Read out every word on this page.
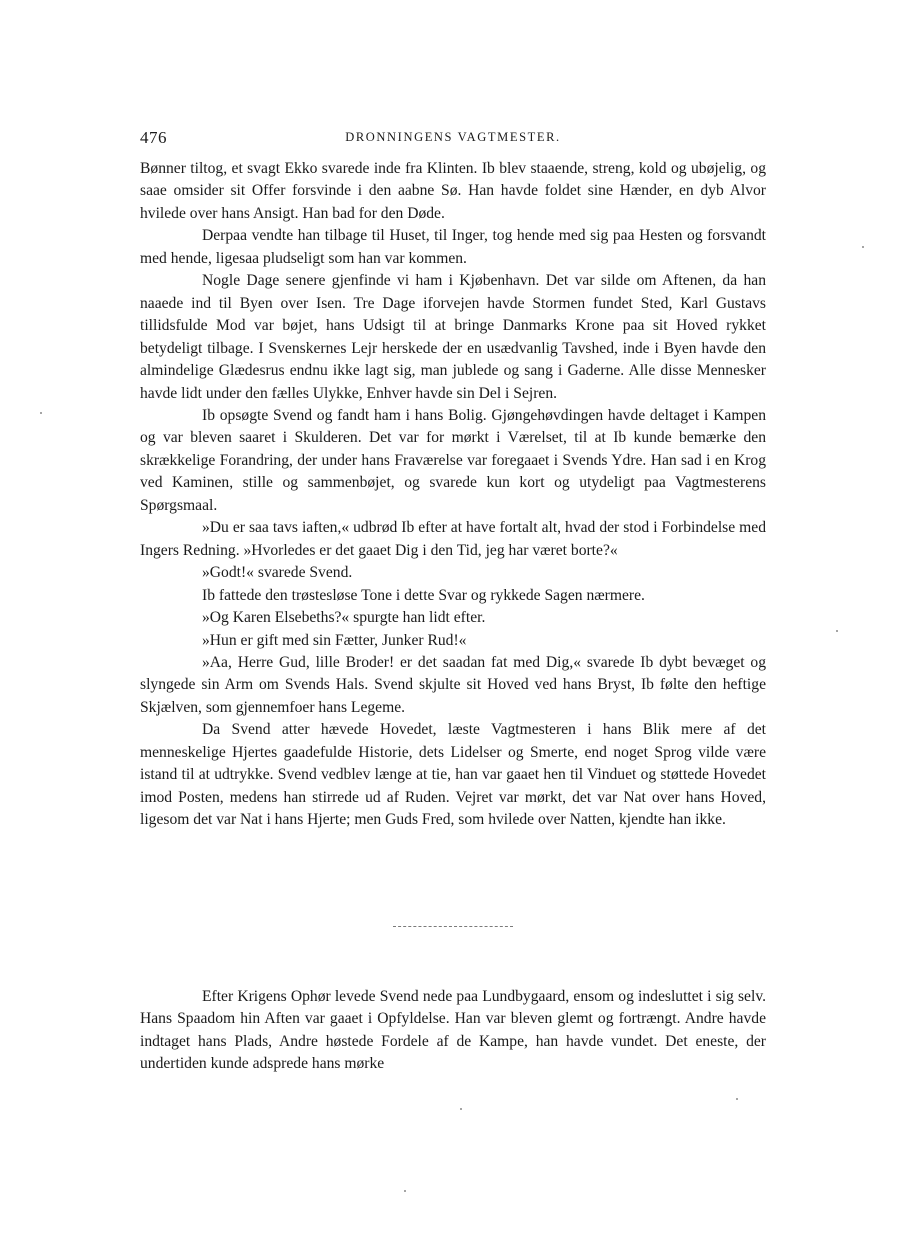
476	DRONNINGENS VAGTMESTER.

Bønner tiltog, et svagt Ekko svarede inde fra Klinten. Ib blev staaende, streng, kold og ubøjelig, og saae omsider sit Offer forsvinde i den aabne Sø. Han havde foldet sine Hænder, en dyb Alvor hvilede over hans Ansigt. Han bad for den Døde.

Derpaa vendte han tilbage til Huset, til Inger, tog hende med sig paa Hesten og forsvandt med hende, ligesaa pludseligt som han var kommen.

Nogle Dage senere gjenfinde vi ham i Kjøbenhavn. Det var silde om Aftenen, da han naaede ind til Byen over Isen. Tre Dage iforvejen havde Stormen fundet Sted, Karl Gustavs tillidsfulde Mod var bøjet, hans Udsigt til at bringe Danmarks Krone paa sit Hoved rykket betydeligt tilbage. I Svenskernes Lejr herskede der en usædvanlig Tavshed, inde i Byen havde den almindelige Glædesrus endnu ikke lagt sig, man jublede og sang i Gaderne. Alle disse Mennesker havde lidt under den fælles Ulykke, Enhver havde sin Del i Sejren.

Ib opsøgte Svend og fandt ham i hans Bolig. Gjøngehøvdingen havde deltaget i Kampen og var bleven saaret i Skulderen. Det var for mørkt i Værelset, til at Ib kunde bemærke den skrækkelige Forandring, der under hans Fraværelse var foregaaet i Svends Ydre. Han sad i en Krog ved Kaminen, stille og sammenbøjet, og svarede kun kort og utydeligt paa Vagtmesterens Spørgsmaal.

»Du er saa tavs iaften,« udbrød Ib efter at have fortalt alt, hvad der stod i Forbindelse med Ingers Redning. »Hvorledes er det gaaet Dig i den Tid, jeg har været borte?«

»Godt!« svarede Svend.

Ib fattede den trøstesløse Tone i dette Svar og rykkede Sagen nærmere.

»Og Karen Elsebeths?« spurgte han lidt efter.

»Hun er gift med sin Fætter, Junker Rud!«

»Aa, Herre Gud, lille Broder! er det saadan fat med Dig,« svarede Ib dybt bevæget og slyngede sin Arm om Svends Hals. Svend skjulte sit Hoved ved hans Bryst, Ib følte den heftige Skjælven, som gjennemfoer hans Legeme.

Da Svend atter hævede Hovedet, læste Vagtmesteren i hans Blik mere af det menneskelige Hjertes gaadefulde Historie, dets Lidelser og Smerte, end noget Sprog vilde være istand til at udtrykke. Svend vedblev længe at tie, han var gaaet hen til Vinduet og støttede Hovedet imod Posten, medens han stirrede ud af Ruden. Vejret var mørkt, det var Nat over hans Hoved, ligesom det var Nat i hans Hjerte; men Guds Fred, som hvilede over Natten, kjendte han ikke.

Efter Krigens Ophør levede Svend nede paa Lundbygaard, ensom og indesluttet i sig selv. Hans Spaadom hin Aften var gaaet i Opfyldelse. Han var bleven glemt og fortrængt. Andre havde indtaget hans Plads, Andre høstede Fordele af de Kampe, han havde vundet. Det eneste, der undertiden kunde adsprede hans mørke
